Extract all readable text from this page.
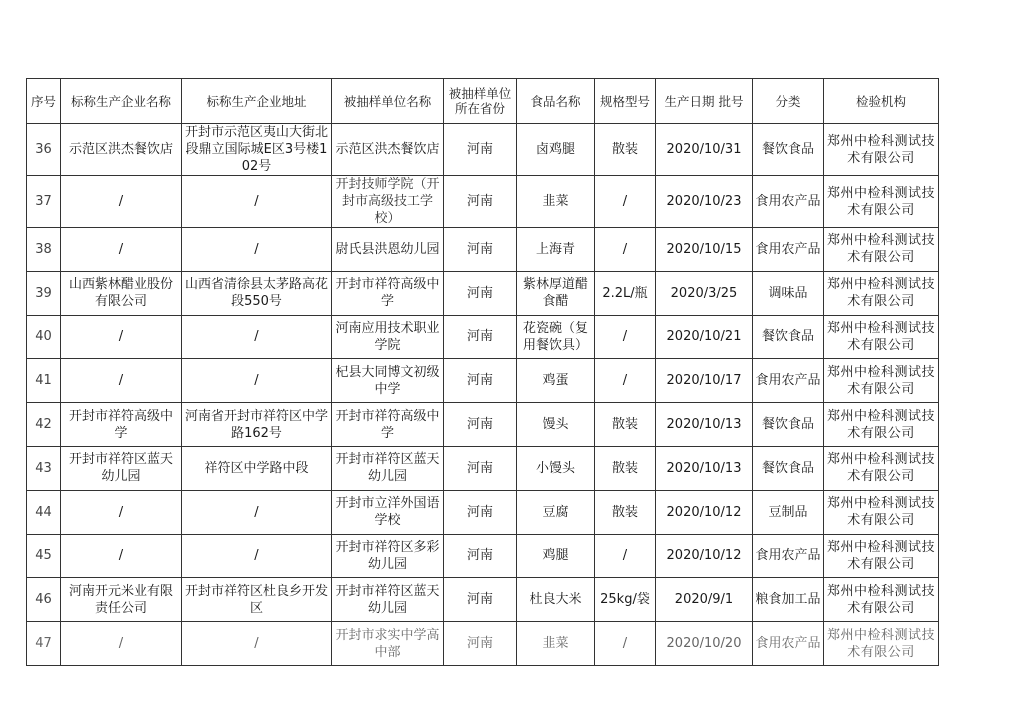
序号	标称生产企业名称	标称生产企业地址	被抽样单位名称	被抽样单位所在省份	食品名称	规格型号	生产日期 批号	分类	检验机构
36	示范区洪杰餐饮店	开封市示范区夷山大街北段鼎立国际城E区3号楼102号	示范区洪杰餐饮店	河南	卤鸡腿	散装	2020/10/31	餐饮食品	郑州中检科测试技术有限公司
37	/	/	开封技师学院（开封市高级技工学校）	河南	韭菜	/	2020/10/23	食用农产品	郑州中检科测试技术有限公司
38	/	/	尉氏县洪恩幼儿园	河南	上海青	/	2020/10/15	食用农产品	郑州中检科测试技术有限公司
39	山西紫林醋业股份有限公司	山西省清徐县太茅路高花段550号	开封市祥符高级中学	河南	紫林厚道醋食醋	2.2L/瓶	2020/3/25	调味品	郑州中检科测试技术有限公司
40	/	/	河南应用技术职业学院	河南	花瓷碗（复用餐饮具）	/	2020/10/21	餐饮食品	郑州中检科测试技术有限公司
41	/	/	杞县大同博文初级中学	河南	鸡蛋	/	2020/10/17	食用农产品	郑州中检科测试技术有限公司
42	开封市祥符高级中学	河南省开封市祥符区中学路162号	开封市祥符高级中学	河南	馒头	散装	2020/10/13	餐饮食品	郑州中检科测试技术有限公司
43	开封市祥符区蓝天幼儿园	祥符区中学路中段	开封市祥符区蓝天幼儿园	河南	小馒头	散装	2020/10/13	餐饮食品	郑州中检科测试技术有限公司
44	/	/	开封市立洋外国语学校	河南	豆腐	散装	2020/10/12	豆制品	郑州中检科测试技术有限公司
45	/	/	开封市祥符区多彩幼儿园	河南	鸡腿	/	2020/10/12	食用农产品	郑州中检科测试技术有限公司
46	河南开元米业有限责任公司	开封市祥符区杜良乡开发区	开封市祥符区蓝天幼儿园	河南	杜良大米	25kg/袋	2020/9/1	粮食加工品	郑州中检科测试技术有限公司
47	/	/	开封市求实中学高中部	河南	韭菜	/	2020/10/20	食用农产品	郑州中检科测试技术有限公司
